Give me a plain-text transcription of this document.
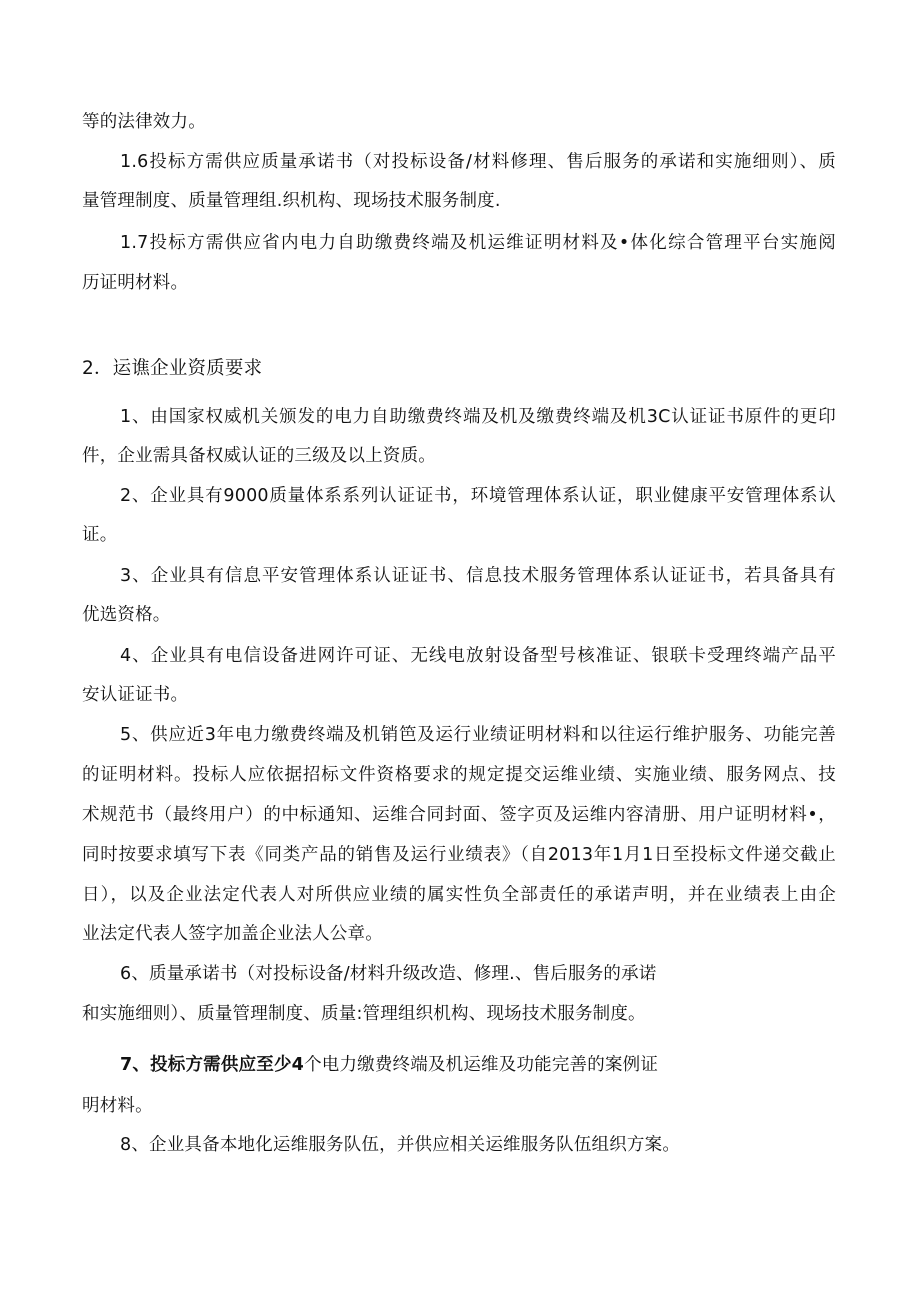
等的法律效力。
1.6投标方需供应质量承诺书（对投标设备/材料修理、售后服务的承诺和实施细则）、质
量管理制度、质量管理组.织机构、现场技术服务制度.
1.7投标方需供应省内电力自助缴费终端及机运维证明材料及•体化综合管理平台实施阅
历证明材料。
2．运谯企业资质要求
1、由国家权威机关颁发的电力自助缴费终端及机及缴费终端及机3C认证证书原件的更印
件，企业需具备权威认证的三级及以上资质。
2、企业具有9000质量体系系列认证证书，环境管理体系认证，职业健康平安管理体系认
证。
3、企业具有信息平安管理体系认证证书、信息技术服务管理体系认证证书，若具备具有
优选资格。
4、企业具有电信设备进网许可证、无线电放射设备型号核准证、银联卡受理终端产品平
安认证证书。
5、供应近3年电力缴费终端及机销笆及运行业绩证明材料和以往运行维护服务、功能完善
的证明材料。投标人应依据招标文件资格要求的规定提交运维业绩、实施业绩、服务网点、技
术规范书（最终用户）的中标通知、运维合同封面、签字页及运维内容清册、用户证明材料•，
同时按要求填写下表《同类产品的销售及运行业绩表》（自2013年1月1日至投标文件递交截止
日），以及企业法定代表人对所供应业绩的属实性负全部责任的承诺声明，并在业绩表上由企
业法定代表人签字加盖企业法人公章。
6、质量承诺书（对投标设备/材料升级改造、修理.、售后服务的承诺
和实施细则）、质量管理制度、质量:管理组织机构、现场技术服务制度。
7、投标方需供应至少4个电力缴费终端及机运维及功能完善的案例证
明材料。
8、企业具备本地化运维服务队伍，并供应相关运维服务队伍组织方案。
